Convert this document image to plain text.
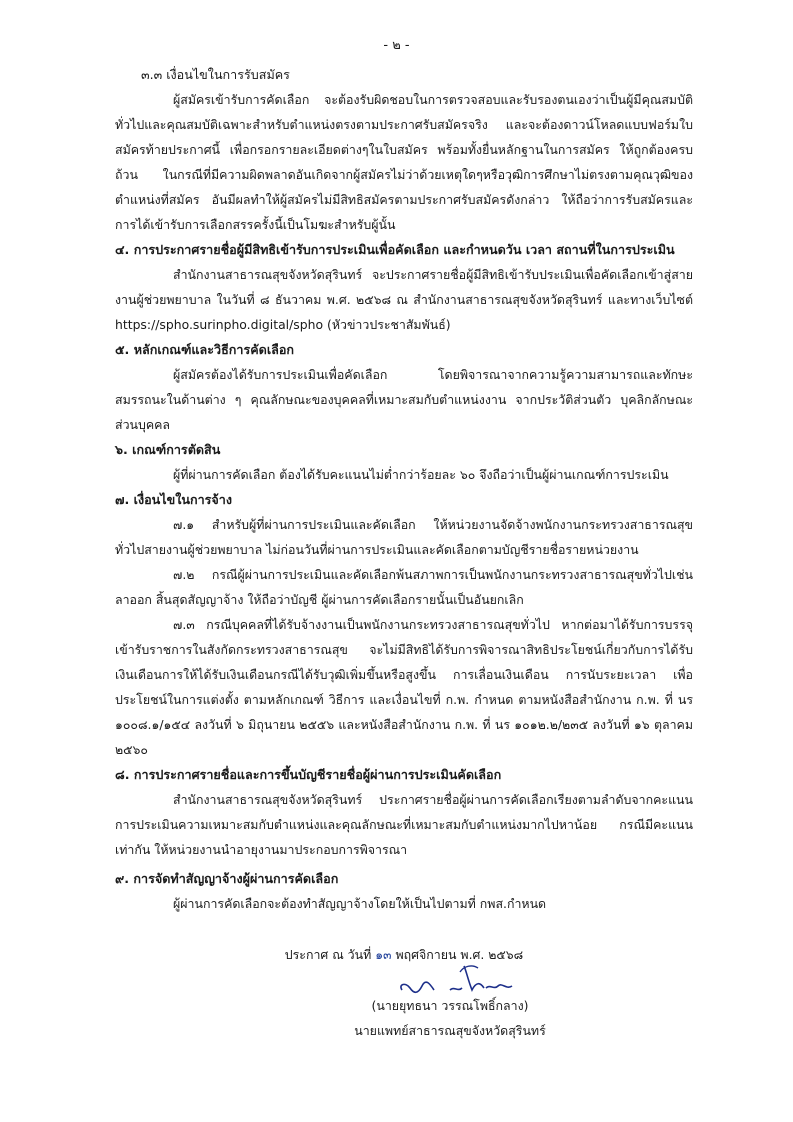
- ๒ -

๓.๓ เงื่อนไขในการรับสมัคร

ผู้สมัครเข้ารับการคัดเลือก จะต้องรับผิดชอบในการตรวจสอบและรับรองตนเองว่าเป็นผู้มีคุณสมบัติทั่วไปและคุณสมบัติเฉพาะสำหรับตำแหน่งตรงตามประกาศรับสมัครจริง และจะต้องดาวน์โหลดแบบฟอร์มใบสมัครท้ายประกาศนี้ เพื่อกรอกรายละเอียดต่างๆในใบสมัคร พร้อมทั้งยื่นหลักฐานในการสมัคร ให้ถูกต้องครบถ้วน ในกรณีที่มีความผิดพลาดอันเกิดจากผู้สมัครไม่ว่าด้วยเหตุใดๆหรือวุฒิการศึกษาไม่ตรงตามคุณวุฒิของตำแหน่งที่สมัคร อันมีผลทำให้ผู้สมัครไม่มีสิทธิสมัครตามประกาศรับสมัครดังกล่าว ให้ถือว่าการรับสมัครและการได้เข้ารับการเลือกสรรครั้งนี้เป็นโมฆะสำหรับผู้นั้น

๔. การประกาศรายชื่อผู้มีสิทธิเข้ารับการประเมินเพื่อคัดเลือก และกำหนดวัน เวลา สถานที่ในการประเมิน

สำนักงานสาธารณสุขจังหวัดสุรินทร์ จะประกาศรายชื่อผู้มีสิทธิเข้ารับประเมินเพื่อคัดเลือกเข้าสู่สายงานผู้ช่วยพยาบาล ในวันที่ ๘ ธันวาคม พ.ศ. ๒๕๖๘ ณ สำนักงานสาธารณสุขจังหวัดสุรินทร์ และทางเว็บไซต์ https://spho.surinpho.digital/spho (หัวข่าวประชาสัมพันธ์)

๕. หลักเกณฑ์และวิธีการคัดเลือก

ผู้สมัครต้องได้รับการประเมินเพื่อคัดเลือก โดยพิจารณาจากความรู้ความสามารถและทักษะสมรรถนะในด้านต่าง ๆ คุณลักษณะของบุคคลที่เหมาะสมกับตำแหน่งงาน จากประวัติส่วนตัว บุคลิกลักษณะส่วนบุคคล

๖. เกณฑ์การตัดสิน

ผู้ที่ผ่านการคัดเลือก ต้องได้รับคะแนนไม่ต่ำกว่าร้อยละ ๖๐ จึงถือว่าเป็นผู้ผ่านเกณฑ์การประเมิน

๗. เงื่อนไขในการจ้าง

๗.๑ สำหรับผู้ที่ผ่านการประเมินและคัดเลือก ให้หน่วยงานจัดจ้างพนักงานกระทรวงสาธารณสุขทั่วไปสายงานผู้ช่วยพยาบาล ไม่ก่อนวันที่ผ่านการประเมินและคัดเลือกตามบัญชีรายชื่อรายหน่วยงาน

๗.๒ กรณีผู้ผ่านการประเมินและคัดเลือกพ้นสภาพการเป็นพนักงานกระทรวงสาธารณสุขทั่วไปเช่น ลาออก สิ้นสุดสัญญาจ้าง ให้ถือว่าบัญชี ผู้ผ่านการคัดเลือกรายนั้นเป็นอันยกเลิก

๗.๓ กรณีบุคคลที่ได้รับจ้างงานเป็นพนักงานกระทรวงสาธารณสุขทั่วไป หากต่อมาได้รับการบรรจุเข้ารับราชการในสังกัดกระทรวงสาธารณสุข จะไม่มีสิทธิได้รับการพิจารณาสิทธิประโยชน์เกี่ยวกับการได้รับเงินเดือนการให้ได้รับเงินเดือนกรณีได้รับวุฒิเพิ่มขึ้นหรือสูงขึ้น การเลื่อนเงินเดือน การนับระยะเวลา เพื่อประโยชน์ในการแต่งตั้ง ตามหลักเกณฑ์ วิธีการ และเงื่อนไขที่ ก.พ. กำหนด ตามหนังสือสำนักงาน ก.พ. ที่ นร ๑๐๐๘.๑/๑๕๔ ลงวันที่ ๖ มิถุนายน ๒๕๕๖ และหนังสือสำนักงาน ก.พ. ที่ นร ๑๐๑๒.๒/๒๓๕ ลงวันที่ ๑๖ ตุลาคม ๒๕๖๐

๘. การประกาศรายชื่อและการขึ้นบัญชีรายชื่อผู้ผ่านการประเมินคัดเลือก

สำนักงานสาธารณสุขจังหวัดสุรินทร์ ประกาศรายชื่อผู้ผ่านการคัดเลือกเรียงตามลำดับจากคะแนนการประเมินความเหมาะสมกับตำแหน่งและคุณลักษณะที่เหมาะสมกับตำแหน่งมากไปหาน้อย กรณีมีคะแนนเท่ากัน ให้หน่วยงานนำอายุงานมาประกอบการพิจารณา

๙. การจัดทำสัญญาจ้างผู้ผ่านการคัดเลือก

ผู้ผ่านการคัดเลือกจะต้องทำสัญญาจ้างโดยให้เป็นไปตามที่ กพส.กำหนด

ประกาศ ณ วันที่ ๑๓ พฤศจิกายน พ.ศ. ๒๕๖๘

(นายยุทธนา วรรณโพธิ์กลาง)
นายแพทย์สาธารณสุขจังหวัดสุรินทร์
